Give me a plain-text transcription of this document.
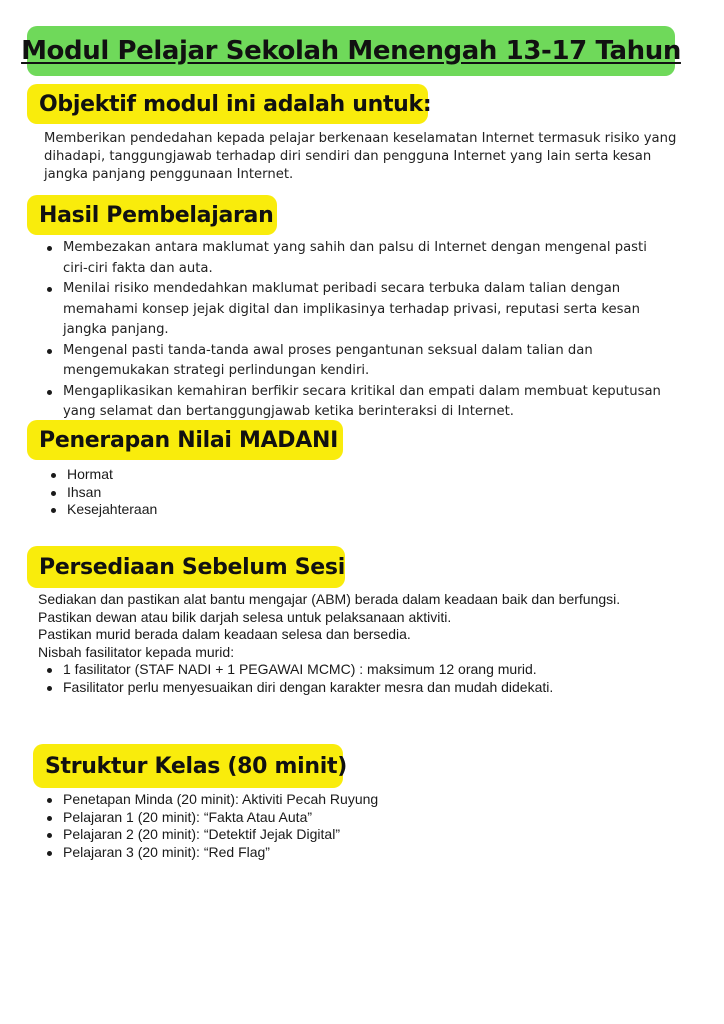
Modul Pelajar Sekolah Menengah 13-17 Tahun
Objektif modul ini adalah untuk:

Memberikan pendedahan kepada pelajar berkenaan keselamatan Internet termasuk risiko yang dihadapi, tanggungjawab terhadap diri sendiri dan pengguna Internet yang lain serta kesan jangka panjang penggunaan Internet.

Hasil Pembelajaran
Membezakan antara maklumat yang sahih dan palsu di Internet dengan mengenal pasti ciri-ciri fakta dan auta.
Menilai risiko mendedahkan maklumat peribadi secara terbuka dalam talian dengan memahami konsep jejak digital dan implikasinya terhadap privasi, reputasi serta kesan jangka panjang.
Mengenal pasti tanda-tanda awal proses pengantunan seksual dalam talian dan mengemukakan strategi perlindungan kendiri.
Mengaplikasikan kemahiran berfikir secara kritikal dan empati dalam membuat keputusan yang selamat dan bertanggungjawab ketika berinteraksi di Internet.
Penerapan Nilai MADANI
Hormat
Ihsan
Kesejahteraan
Persediaan Sebelum Sesi
Sediakan dan pastikan alat bantu mengajar (ABM) berada dalam keadaan baik dan berfungsi.
Pastikan dewan atau bilik darjah selesa untuk pelaksanaan aktiviti.
Pastikan murid berada dalam keadaan selesa dan bersedia.
Nisbah fasilitator kepada murid:
1 fasilitator (STAF NADI + 1 PEGAWAI MCMC) : maksimum 12 orang murid.
Fasilitator perlu menyesuaikan diri dengan karakter mesra dan mudah didekati.
Struktur Kelas (80 minit)
Penetapan Minda (20 minit): Aktiviti Pecah Ruyung
Pelajaran 1 (20 minit): “Fakta Atau Auta”
Pelajaran 2 (20 minit): “Detektif Jejak Digital”
Pelajaran 3 (20 minit): “Red Flag”
